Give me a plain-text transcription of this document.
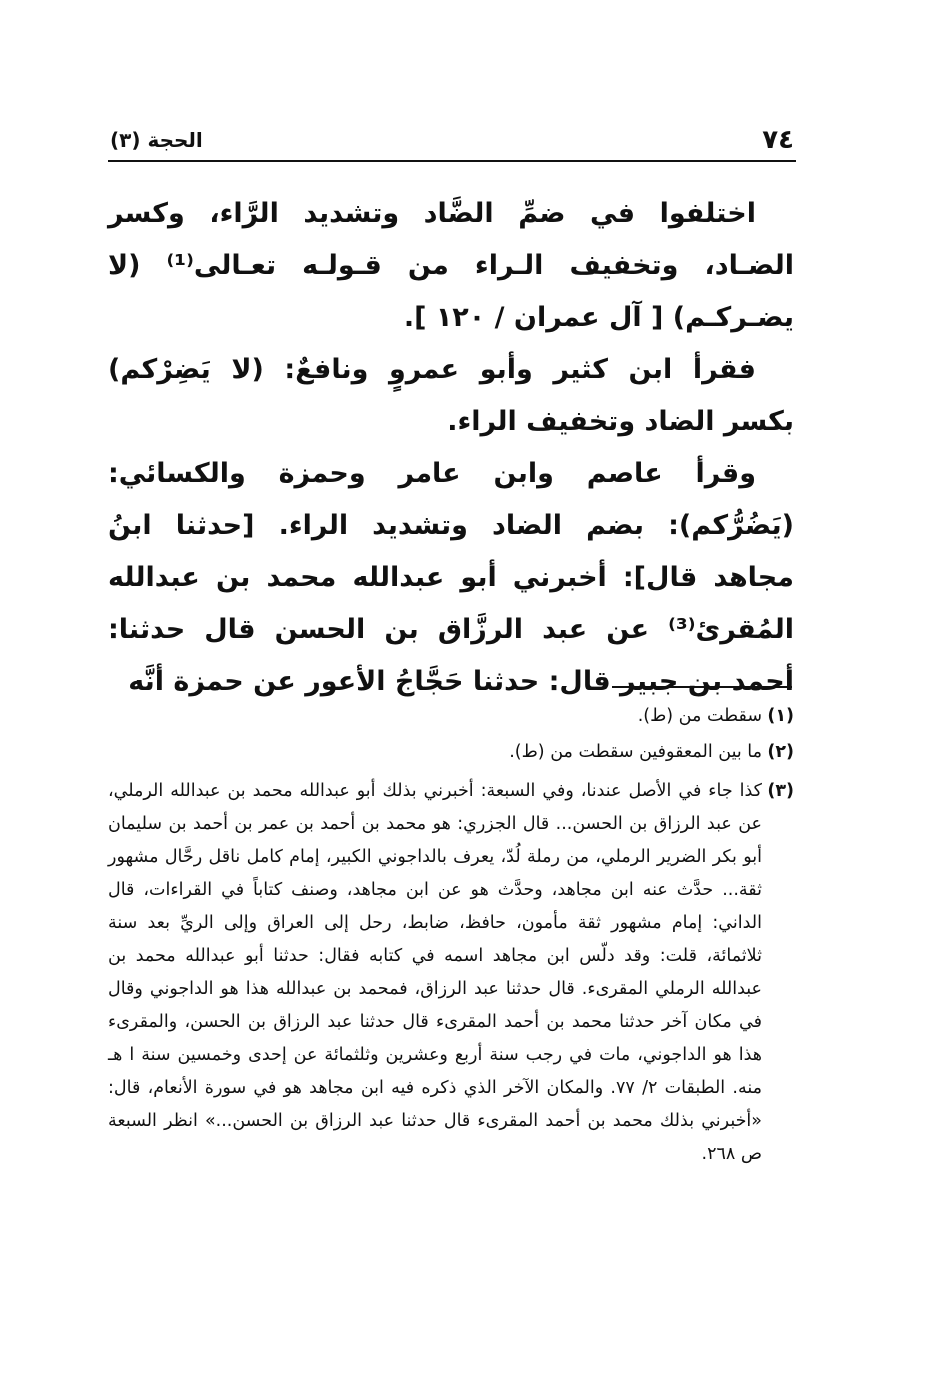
٧٤
الحجة (٣)

اختلفوا في ضمِّ الضَّاد وتشديد الرَّاء، وكسر الضـاد، وتخفيف الـراء من قـولـه تعـالى⁽¹⁾ (لا يضـركـم) [ آل عمران / ١٢٠ ].

فقرأ ابن كثير وأبو عمروٍ ونافعٌ: (لا يَضِرْكم) بكسر الضاد وتخفيف الراء.

وقرأ عاصم وابن عامر وحمزة والكسائي: (يَضُرُّكم): بضم الضاد وتشديد الراء. [حدثنا ابنُ مجاهد قال]: أخبرني أبو عبدالله محمد بن عبدالله المُقرئ⁽³⁾ عن عبد الرزَّاق بن الحسن قال حدثنا: أحمد بن جبير قال: حدثنا حَجَّاجُ الأعور عن حمزة أنَّه

(١)
سقطت من (ط).
(٢)
ما بين المعقوفين سقطت من (ط).
(٣)
كذا جاء في الأصل عندنا، وفي السبعة: أخبرني بذلك أبو عبدالله محمد بن عبدالله الرملي، عن عبد الرزاق بن الحسن... قال الجزري: هو محمد بن أحمد بن عمر بن أحمد بن سليمان أبو بكر الضرير الرملي، من رملة لُدّ، يعرف بالداجوني الكبير، إمام كامل ناقل رحَّال مشهور ثقة... حدَّث عنه ابن مجاهد، وحدَّث هو عن ابن مجاهد، وصنف كتاباً في القراءات، قال الداني: إمام مشهور ثقة مأمون، حافظ، ضابط، رحل إلى العراق وإلى الريِّ بعد سنة ثلاثمائة، قلت: وقد دلّس ابن مجاهد اسمه في كتابه فقال: حدثنا أبو عبدالله محمد بن عبدالله الرملي المقرىء. قال حدثنا عبد الرزاق، فمحمد بن عبدالله هذا هو الداجوني وقال في مكان آخر حدثنا محمد بن أحمد المقرىء قال حدثنا عبد الرزاق بن الحسن، والمقرىء هذا هو الداجوني، مات في رجب سنة أربع وعشرين وثلثمائة عن إحدى وخمسين سنة ا هـ منه. الطبقات ٢/ ٧٧. والمكان الآخر الذي ذكره فيه ابن مجاهد هو في سورة الأنعام، قال: «أخبرني بذلك محمد بن أحمد المقرىء قال حدثنا عبد الرزاق بن الحسن...» انظر السبعة ص ٢٦٨.
